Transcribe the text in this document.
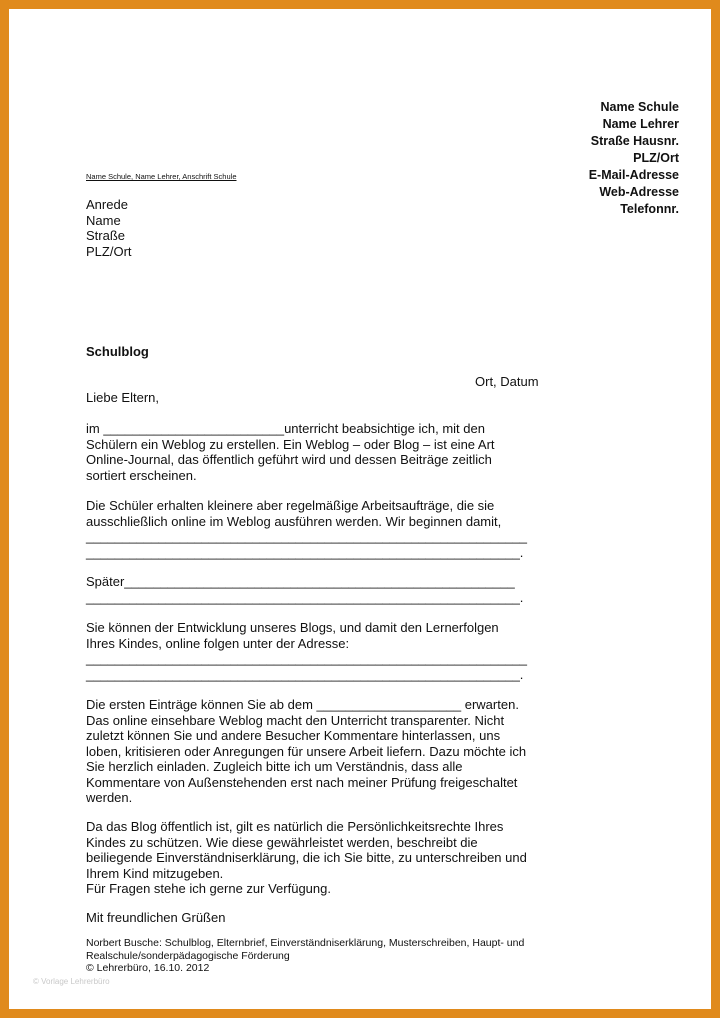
Name Schule
Name Lehrer
Straße Hausnr.
PLZ/Ort
E-Mail-Adresse
Web-Adresse
Telefonnr.
Name Schule, Name Lehrer, Anschrift Schule
Anrede
Name
Straße
PLZ/Ort
Schulblog
Ort, Datum
Liebe Eltern,
im _________________________unterricht beabsichtige ich, mit den
Schülern ein Weblog zu erstellen. Ein Weblog – oder Blog – ist eine Art
Online-Journal, das öffentlich geführt wird und dessen Beiträge zeitlich
sortiert erscheinen.
Die Schüler erhalten kleinere aber regelmäßige Arbeitsaufträge, die sie
ausschließlich online im Weblog ausführen werden. Wir beginnen damit,
_____________________________________________________________
____________________________________________________________.
Später______________________________________________________
____________________________________________________________.
Sie können der Entwicklung unseres Blogs, und damit den Lernerfolgen
Ihres Kindes, online folgen unter der Adresse:
_____________________________________________________________
____________________________________________________________.
Die ersten Einträge können Sie ab dem ____________________ erwarten.
Das online einsehbare Weblog macht den Unterricht transparenter. Nicht
zuletzt können Sie und andere Besucher Kommentare hinterlassen, uns
loben, kritisieren oder Anregungen für unsere Arbeit liefern. Dazu möchte ich
Sie herzlich einladen. Zugleich bitte ich um Verständnis, dass alle
Kommentare von Außenstehenden erst nach meiner Prüfung freigeschaltet
werden.
Da das Blog öffentlich ist, gilt es natürlich die Persönlichkeitsrechte Ihres
Kindes zu schützen. Wie diese gewährleistet werden, beschreibt die
beiliegende Einverständniserklärung, die ich Sie bitte, zu unterschreiben und
Ihrem Kind mitzugeben.
Für Fragen stehe ich gerne zur Verfügung.
Mit freundlichen Grüßen
Norbert Busche: Schulblog, Elternbrief, Einverständniserklärung, Musterschreiben, Haupt- und
Realschule/sonderpädagogische Förderung
© Lehrerbüro, 16.10. 2012
© Vorlage Lehrerbüro
